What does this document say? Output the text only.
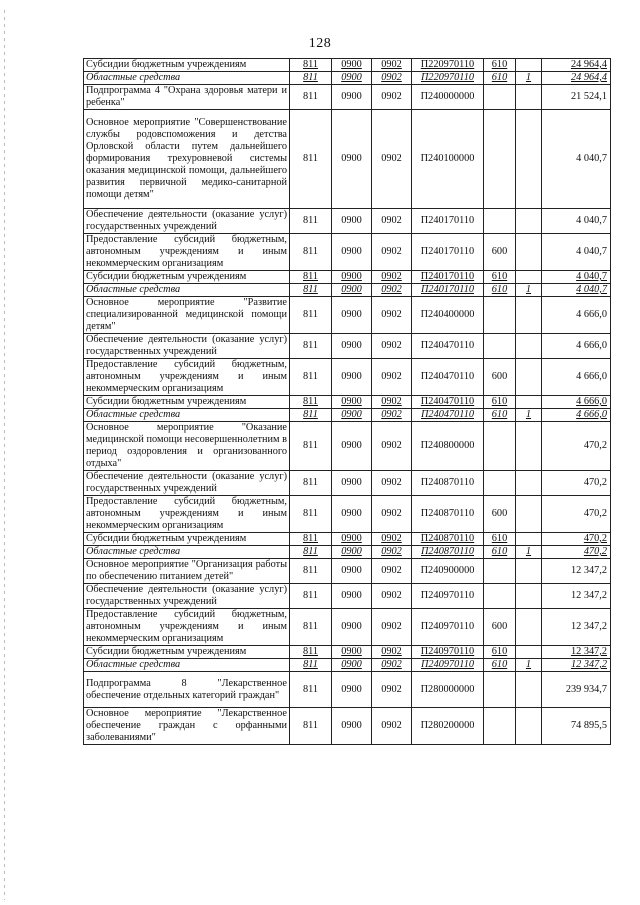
128
Субсидии бюджетным учреждениям	811	0900	0902	П220970110	610		24 964,4
Областные средства	811	0900	0902	П220970110	610	1	24 964,4
Подпрограмма 4 "Охрана здоровья матери и ребенка"	811	0900	0902	П240000000			21 524,1
Основное мероприятие "Совершенствование службы родовспоможения и детства Орловской области путем дальнейшего формирования трехуровневой системы оказания медицинской помощи, дальнейшего развития первичной медико-санитарной помощи детям"	811	0900	0902	П240100000			4 040,7
Обеспечение деятельности (оказание услуг) государственных учреждений	811	0900	0902	П240170110			4 040,7
Предоставление субсидий бюджетным, автономным учреждениям и иным некоммерческим организациям	811	0900	0902	П240170110	600		4 040,7
Субсидии бюджетным учреждениям	811	0900	0902	П240170110	610		4 040,7
Областные средства	811	0900	0902	П240170110	610	1	4 040,7
Основное мероприятие "Развитие специализированной медицинской помощи детям"	811	0900	0902	П240400000			4 666,0
Обеспечение деятельности (оказание услуг) государственных учреждений	811	0900	0902	П240470110			4 666,0
Предоставление субсидий бюджетным, автономным учреждениям и иным некоммерческим организациям	811	0900	0902	П240470110	600		4 666,0
Субсидии бюджетным учреждениям	811	0900	0902	П240470110	610		4 666,0
Областные средства	811	0900	0902	П240470110	610	1	4 666,0
Основное мероприятие "Оказание медицинской помощи несовершеннолетним в период оздоровления и организованного отдыха"	811	0900	0902	П240800000			470,2
Обеспечение деятельности (оказание услуг) государственных учреждений	811	0900	0902	П240870110			470,2
Предоставление субсидий бюджетным, автономным учреждениям и иным некоммерческим организациям	811	0900	0902	П240870110	600		470,2
Субсидии бюджетным учреждениям	811	0900	0902	П240870110	610		470,2
Областные средства	811	0900	0902	П240870110	610	1	470,2
Основное мероприятие "Организация работы по обеспечению питанием детей"	811	0900	0902	П240900000			12 347,2
Обеспечение деятельности (оказание услуг) государственных учреждений	811	0900	0902	П240970110			12 347,2
Предоставление субсидий бюджетным, автономным учреждениям и иным некоммерческим организациям	811	0900	0902	П240970110	600		12 347,2
Субсидии бюджетным учреждениям	811	0900	0902	П240970110	610		12 347,2
Областные средства	811	0900	0902	П240970110	610	1	12 347,2
Подпрограмма 8 "Лекарственное обеспечение отдельных категорий граждан"	811	0900	0902	П280000000			239 934,7
Основное мероприятие "Лекарственное обеспечение граждан с орфанными заболеваниями"	811	0900	0902	П280200000			74 895,5
